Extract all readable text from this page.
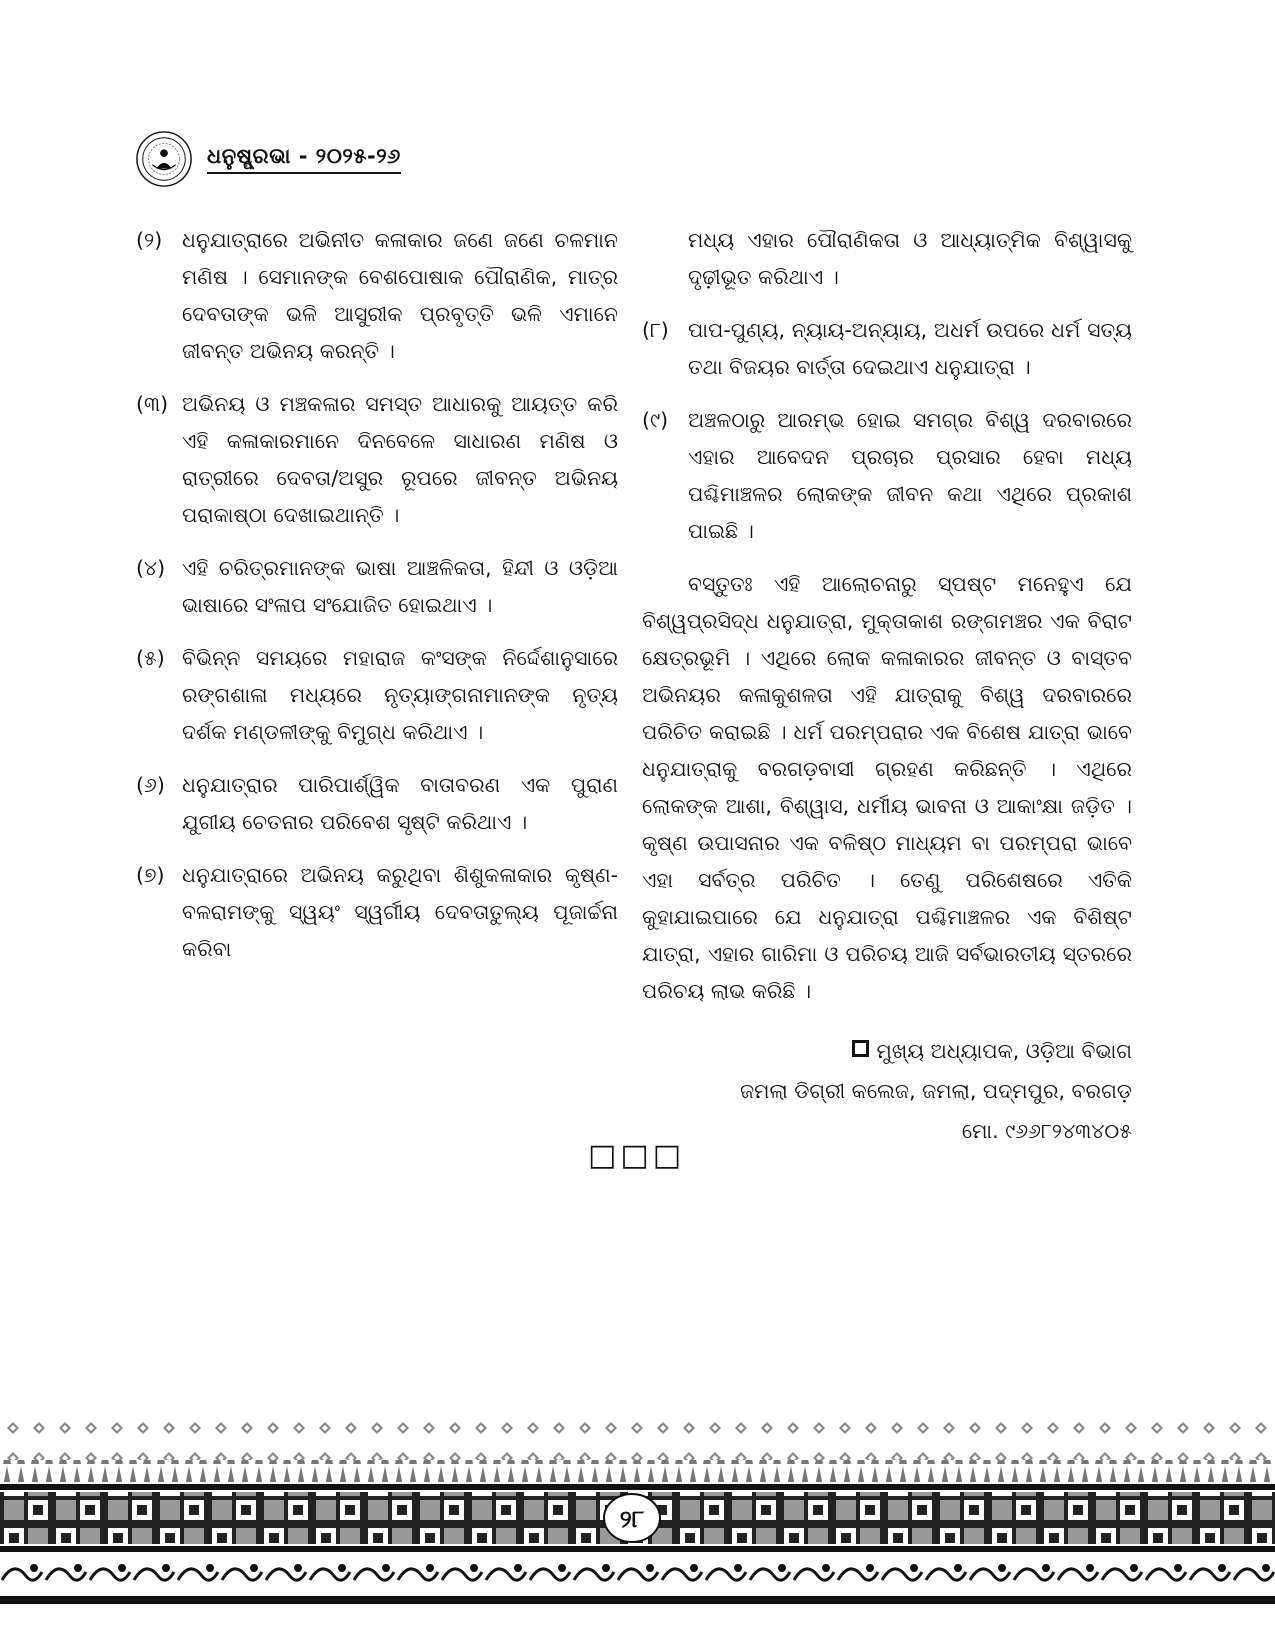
ଧନୁଷ୍ପ୍ରଭା - ୨୦୨୫-୨୬
(୨) ଧନୁଯାତ୍ରାରେ ଅଭିନୀତ କଳାକାର ଜଣେ ଜଣେ ଚଳମାନ ମଣିଷ । ସେମାନଙ୍କ ବେଶପୋଷାକ ପୌରାଣିକ, ମାତ୍ର ଦେବତାଙ୍କ ଭଳି ଆସୁରୀକ ପ୍ରବୃତ୍ତି ଭଳି ଏମାନେ ଜୀବନ୍ତ ଅଭିନୟ କରନ୍ତି ।
(୩) ଅଭିନୟ ଓ ମଞ୍ଚକଳାର ସମସ୍ତ ଆଧାରକୁ ଆୟତ୍ତ କରି ଏହି କଳାକାରମାନେ ଦିନବେଳେ ସାଧାରଣ ମଣିଷ ଓ ରାତ୍ରୀରେ ଦେବତା/ଅସୁର ରୂପରେ ଜୀବନ୍ତ ଅଭିନୟ ପରାକାଷ୍ଠା ଦେଖାଇଥାନ୍ତି ।
(୪) ଏହି ଚରିତ୍ରମାନଙ୍କ ଭାଷା ଆଞ୍ଚଳିକତା, ହିନ୍ଦୀ ଓ ଓଡ଼ିଆ ଭାଷାରେ ସଂଳାପ ସଂଯୋଜିତ ହୋଇଥାଏ ।
(୫) ବିଭିନ୍ନ ସମୟରେ ମହାରାଜ କଂସଙ୍କ ନିର୍ଦ୍ଦେଶାନୁସାରେ ରଙ୍ଗଶାଳା ମଧ୍ୟରେ ନୃତ୍ୟାଙ୍ଗନାମାନଙ୍କ ନୃତ୍ୟ ଦର୍ଶକ ମଣ୍ଡଳୀଙ୍କୁ ବିମୁଗ୍ଧ କରିଥାଏ ।
(୬) ଧନୁଯାତ୍ରାର ପାରିପାର୍ଶ୍ୱିକ ବାତାବରଣ ଏକ ପୁରାଣ ଯୁଗୀୟ ଚେତନାର ପରିବେଶ ସୃଷ୍ଟି କରିଥାଏ ।
(୭) ଧନୁଯାତ୍ରାରେ ଅଭିନୟ କରୁଥିବା ଶିଶୁକଳାକାର କୃଷ୍ଣ-ବଳରାମଙ୍କୁ ସ୍ୱୟଂ ସ୍ୱର୍ଗୀୟ ଦେବତାତୁଲ୍ୟ ପୂଜାର୍ଚ୍ଚନା କରିବା
ମଧ୍ୟ ଏହାର ପୌରାଣିକତା ଓ ଆଧ୍ୟାତ୍ମିକ ବିଶ୍ୱାସକୁ ଦୃଢ଼ୀଭୂତ କରିଥାଏ ।
(୮) ପାପ-ପୁଣ୍ୟ, ନ୍ୟାୟ-ଅନ୍ୟାୟ, ଅଧର୍ମ ଉପରେ ଧର୍ମ ସତ୍ୟ ତଥା ବିଜୟର ବାର୍ତ୍ତା ଦେଇଥାଏ ଧନୁଯାତ୍ରା ।
(୯) ଅଞ୍ଚଳଠାରୁ ଆରମ୍ଭ ହୋଇ ସମଗ୍ର ବିଶ୍ୱ ଦରବାରରେ ଏହାର ଆବେଦନ ପ୍ରଚାର ପ୍ରସାର ହେବା ମଧ୍ୟ ପଶ୍ଚିମାଞ୍ଚଳର ଲୋକଙ୍କ ଜୀବନ କଥା ଏଥିରେ ପ୍ରକାଶ ପାଇଛି ।

ବସ୍ତୁତଃ ଏହି ଆଲୋଚନାରୁ ସ୍ପଷ୍ଟ ମନେହୁଏ ଯେ ବିଶ୍ୱପ୍ରସିଦ୍ଧ ଧନୁଯାତ୍ରା, ମୁକ୍ତାକାଶ ରଙ୍ଗମଞ୍ଚର ଏକ ବିରାଟ କ୍ଷେତ୍ରଭୂମି । ଏଥିରେ ଲୋକ କଳାକାରର ଜୀବନ୍ତ ଓ ବାସ୍ତବ ଅଭିନୟର କଳାକୁଶଳତା ଏହି ଯାତ୍ରାକୁ ବିଶ୍ୱ ଦରବାରରେ ପରିଚିତ କରାଇଛି । ଧର୍ମ ପରମ୍ପରାର ଏକ ବିଶେଷ ଯାତ୍ରା ଭାବେ ଧନୁଯାତ୍ରାକୁ ବରଗଡ଼ବାସୀ ଗ୍ରହଣ କରିଛନ୍ତି । ଏଥିରେ ଲୋକଙ୍କ ଆଶା, ବିଶ୍ୱାସ, ଧର୍ମୀୟ ଭାବନା ଓ ଆକାଂକ୍ଷା ଜଡ଼ିତ । କୃଷ୍ଣ ଉପାସନାର ଏକ ବଳିଷ୍ଠ ମାଧ୍ୟମ ବା ପରମ୍ପରା ଭାବେ ଏହା ସର୍ବତ୍ର ପରିଚିତ । ତେଣୁ ପରିଶେଷରେ ଏତିକି କୁହାଯାଇପାରେ ଯେ ଧନୁଯାତ୍ରା ପଶ୍ଚିମାଞ୍ଚଳର ଏକ ବିଶିଷ୍ଟ ଯାତ୍ରା, ଏହାର ଗାରିମା ଓ ପରିଚୟ ଆଜି ସର୍ବଭାରତୀୟ ସ୍ତରରେ ପରିଚୟ ଲାଭ କରିଛି ।

ମୁଖ୍ୟ ଅଧ୍ୟାପକ, ଓଡ଼ିଆ ବିଭାଗ
ଜମଲା ଡିଗ୍ରୀ କଲେଜ, ଜମଲା, ପଦ୍ମପୁର, ବରଗଡ଼
ମୋ. ୯୬୬୮୨୪୩୪୦୫
□□□
୨୮
